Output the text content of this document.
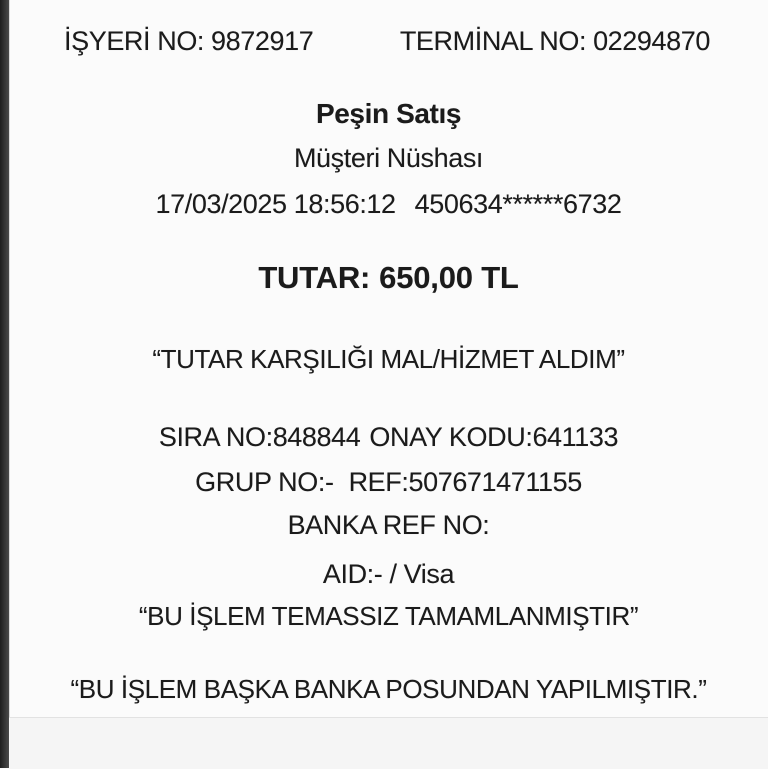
İŞYERİ NO: 9872917	TERMİNAL NO: 02294870
Peşin Satış
Müşteri Nüshası
17/03/2025 18:56:12 450634******6732
TUTAR: 650,00 TL
“TUTAR KARŞILIĞI MAL/HİZMET ALDIM”
SIRA NO:848844 ONAY KODU:641133
GRUP NO:- REF:507671471155
BANKA REF NO:
AID:- / Visa
“BU İŞLEM TEMASSIZ TAMAMLANMIŞTIR”
“BU İŞLEM BAŞKA BANKA POSUNDAN YAPILMIŞTIR.”
